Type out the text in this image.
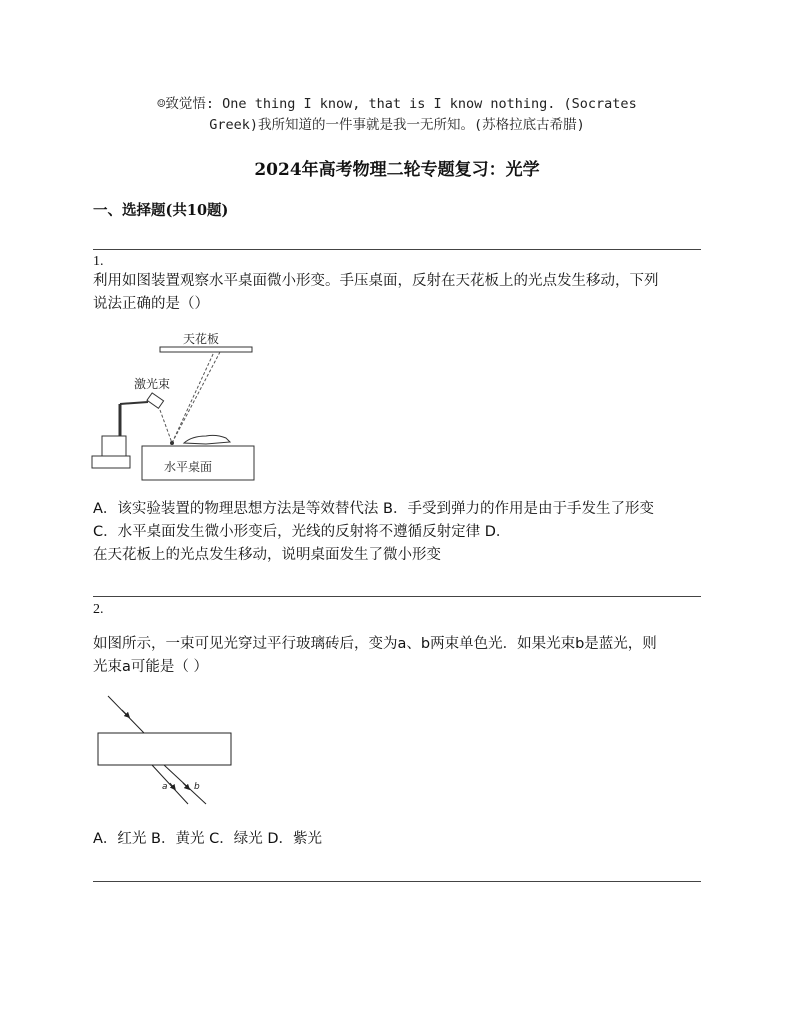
☺致觉悟: One thing I know, that is I know nothing. (Socrates
Greek)我所知道的一件事就是我一无所知。(苏格拉底古希腊)
2024年高考物理二轮专题复习：光学
一、选择题(共10题)
1.
利用如图装置观察水平桌面微小形变。手压桌面，反射在天花板上的光点发生移动，下列
说法正确的是（）
天花板
激光束
水平桌面
A．该实验装置的物理思想方法是等效替代法 B．手受到弹力的作用是由于手发生了形变
C．水平桌面发生微小形变后，光线的反射将不遵循反射定律 D．
在天花板上的光点发生移动，说明桌面发生了微小形变
2.
如图所示，一束可见光穿过平行玻璃砖后，变为a、b两束单色光．如果光束b是蓝光，则
光束a可能是（ ）
a	b
A．红光 B．黄光 C．绿光 D．紫光
